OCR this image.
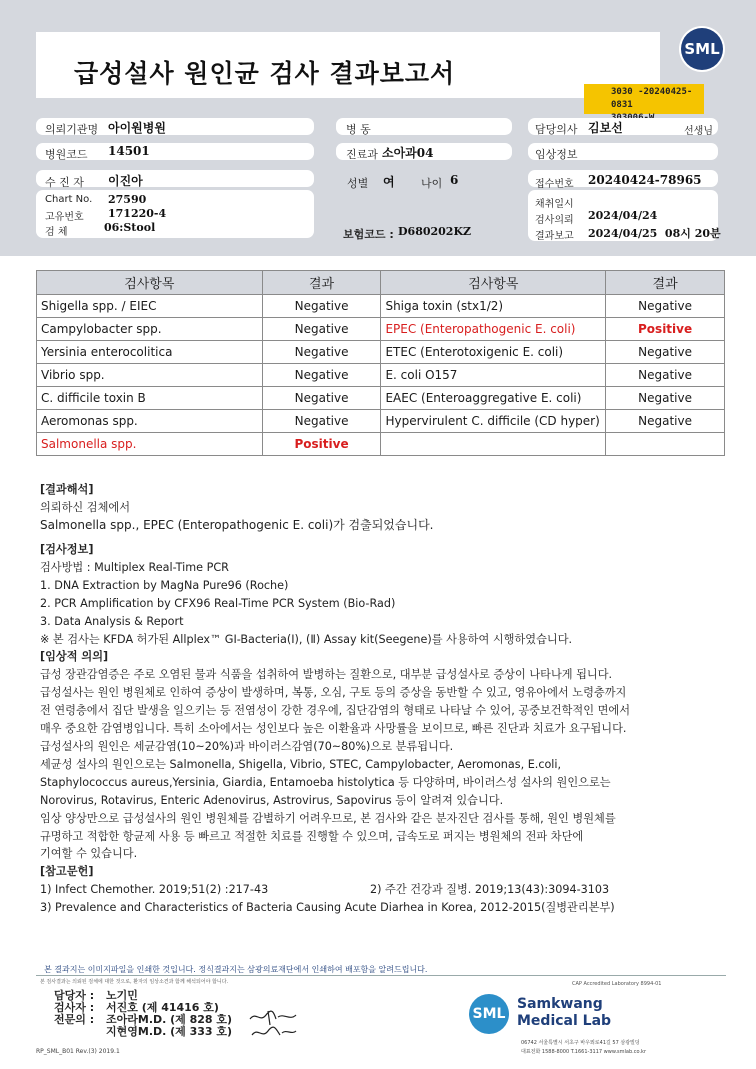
급성설사 원인균 검사 결과보고서
SML
3030 -20240425-0831
의뢰기관명 아이원병원	병 동	담당의사 김보선	선생님
병원코드 14501	진료과 소아과04	임상정보
수 진 자 이진아	성별 여 나이 6	접수번호 20240424-78965
Chart No. 27590
고유번호 171220-4
검 체	06:Stool
보험코드 : D680202KZ
채취일시
검사의뢰 2024/04/24
결과보고 2024/04/25  08시 20분
검사항목	결과	검사항목	결과
Shigella spp. / EIEC	Negative	Shiga toxin (stx1/2)	Negative
Campylobacter spp.	Negative	EPEC (Enteropathogenic E. coli)	Positive
Yersinia enterocolitica	Negative	ETEC (Enterotoxigenic E. coli)	Negative
Vibrio spp.	Negative	E. coli O157	Negative
C. difficile toxin B	Negative	EAEC (Enteroaggregative E. coli)	Negative
Aeromonas spp.	Negative	Hypervirulent C. difficile (CD hyper)	Negative
Salmonella spp.	Positive		
[결과해석]
의뢰하신 검체에서
Salmonella spp., EPEC (Enteropathogenic E. coli)가 검출되었습니다.
[검사정보]
검사방법 : Multiplex Real-Time PCR
1. DNA Extraction by MagNa Pure96 (Roche)
2. PCR Amplification by CFX96 Real-Time PCR System (Bio-Rad)
3. Data Analysis & Report
※ 본 검사는 KFDA 허가된 Allplex™ GI-Bacteria(Ⅰ), (Ⅱ) Assay kit(Seegene)를 사용하여 시행하였습니다.
[임상적 의의]
급성 장관감염증은 주로 오염된 물과 식품을 섭취하여 발병하는 질환으로, 대부분 급성설사로 증상이 나타나게 됩니다.
급성설사는 원인 병원체로 인하여 증상이 발생하며, 복통, 오심, 구토 등의 증상을 동반할 수 있고, 영유아에서 노령층까지
전 연령층에서 집단 발생을 일으키는 등 전염성이 강한 경우에, 집단감염의 형태로 나타날 수 있어, 공중보건학적인 면에서
매우 중요한 감염병입니다. 특히 소아에서는 성인보다 높은 이환율과 사망률을 보이므로, 빠른 진단과 치료가 요구됩니다.
급성설사의 원인은 세균감염(10~20%)과 바이러스감염(70~80%)으로 분류됩니다.
세균성 설사의 원인으로는 Salmonella, Shigella, Vibrio, STEC, Campylobacter, Aeromonas, E.coli,
Staphylococcus aureus,Yersinia, Giardia, Entamoeba histolytica 등 다양하며, 바이러스성 설사의 원인으로는
Norovirus, Rotavirus, Enteric Adenovirus, Astrovirus, Sapovirus 등이 알려져 있습니다.
임상 양상만으로 급성설사의 원인 병원체를 감별하기 어려우므로, 본 검사와 같은 분자진단 검사를 통해, 원인 병원체를
규명하고 적합한 항균제 사용 등 빠르고 적절한 치료를 진행할 수 있으며, 급속도로 퍼지는 병원체의 전파 차단에
기여할 수 있습니다.
[참고문헌]
1) Infect Chemother. 2019;51(2) :217-43	2) 주간 건강과 질병. 2019;13(43):3094-3103
3) Prevalence and Characteristics of Bacteria Causing Acute Diarhea in Korea, 2012-2015(질병관리본부)
본 결과지는 이미지파일을 인쇄한 것입니다. 정식결과지는 삼광의료재단에서 인쇄하여 배포함을 알려드립니다.
본 검사결과는 의뢰된 검체에 대한 것으로, 환자의 임상소견과 함께 해석되어야 합니다.	CAP Accredited Laboratory 8994-01
담당자 : 노기민
검사자 : 서진호 (제 41416 호)
전문의 : 조아라M.D. (제 828 호)
지현영M.D. (제 333 호)
SML
Samkwang
Medical Lab
06742 서울특별시 서초구 바우뫼로41길 57 삼광빌딩
대표전화 1588-8000 T.1661-3117 www.smlab.co.kr
RP_SML_B01 Rev.(3) 2019.1
